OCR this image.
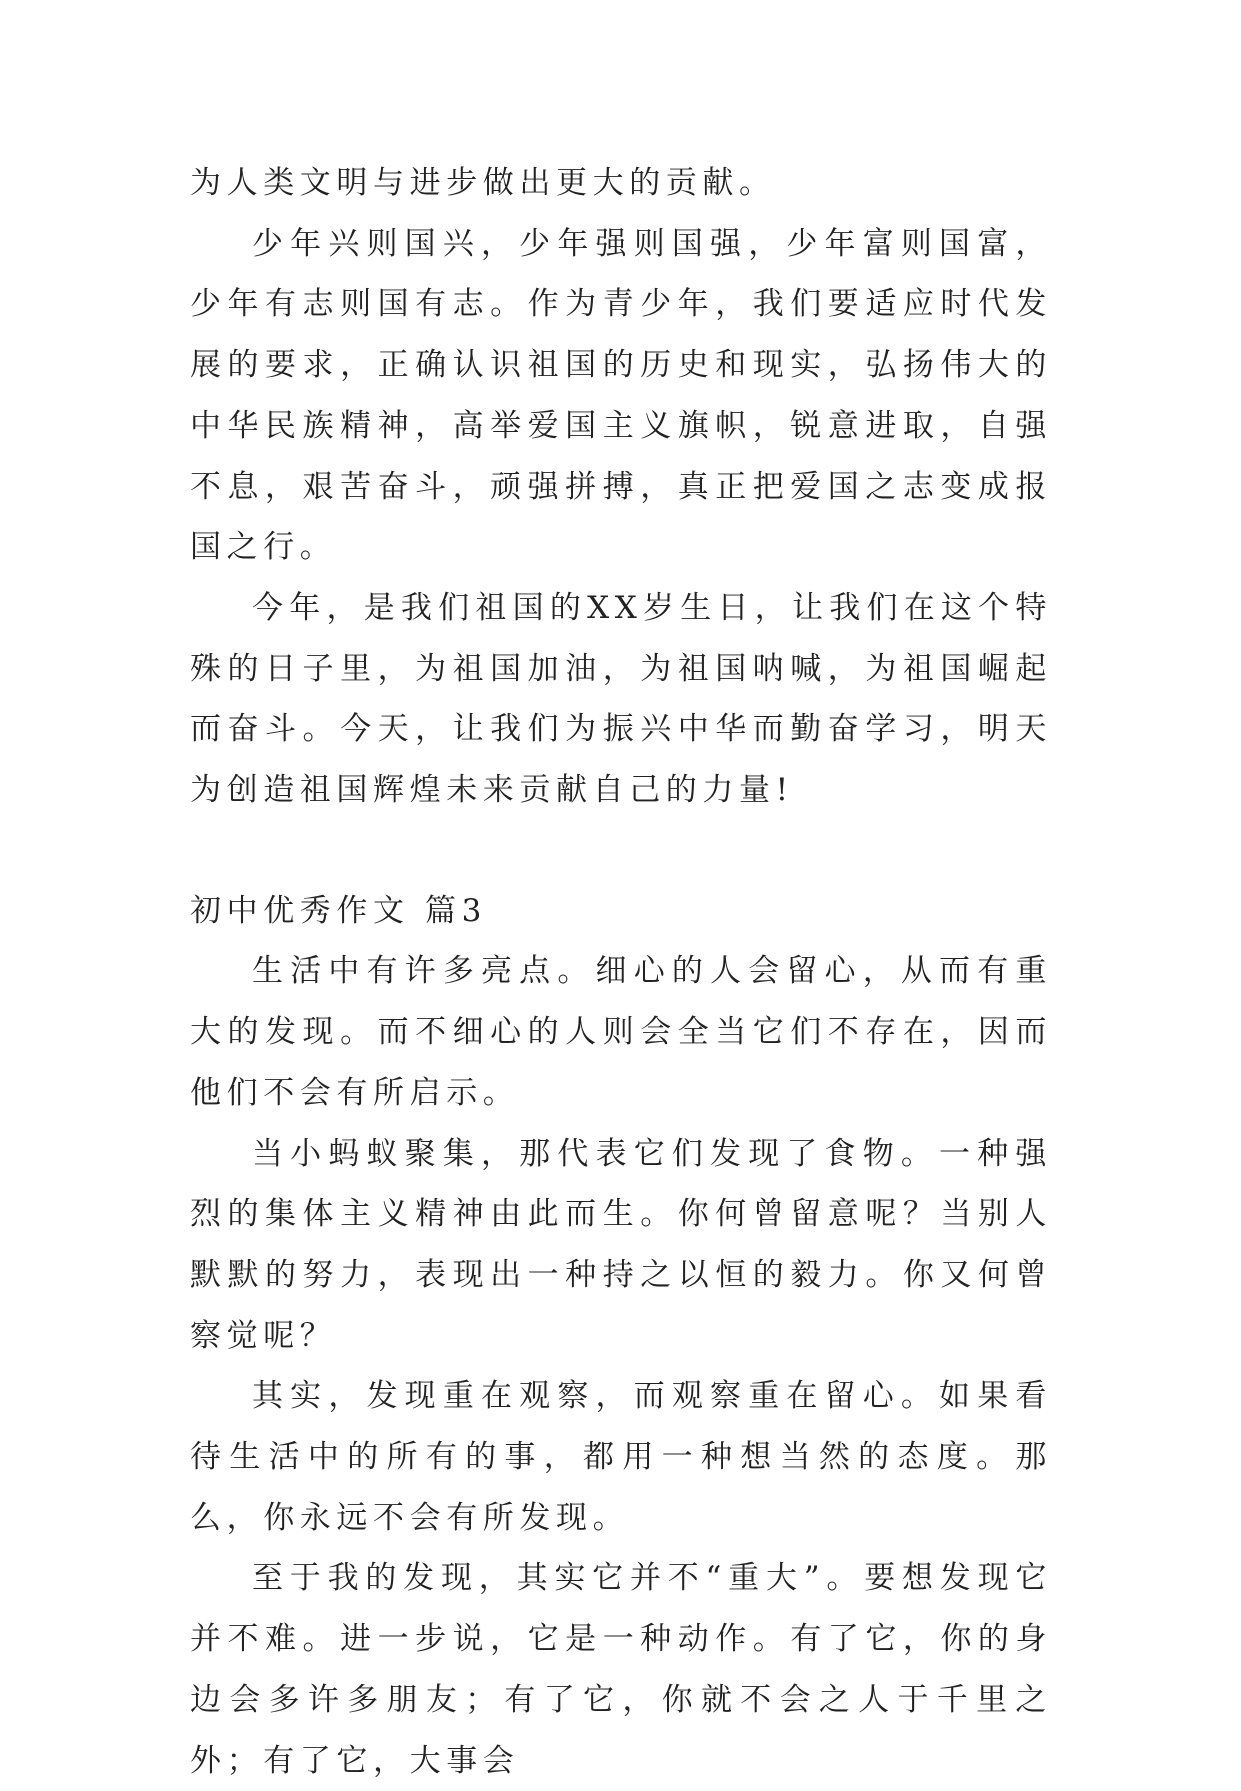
为人类文明与进步做出更大的贡献。

少年兴则国兴，少年强则国强，少年富则国富，少年有志则国有志。作为青少年，我们要适应时代发展的要求，正确认识祖国的历史和现实，弘扬伟大的中华民族精神，高举爱国主义旗帜，锐意进取，自强不息，艰苦奋斗，顽强拼搏，真正把爱国之志变成报国之行。

今年，是我们祖国的XX岁生日，让我们在这个特殊的日子里，为祖国加油，为祖国呐喊，为祖国崛起而奋斗。今天，让我们为振兴中华而勤奋学习，明天为创造祖国辉煌未来贡献自己的力量!

初中优秀作文 篇3

生活中有许多亮点。细心的人会留心，从而有重大的发现。而不细心的人则会全当它们不存在，因而他们不会有所启示。

当小蚂蚁聚集，那代表它们发现了食物。一种强烈的集体主义精神由此而生。你何曾留意呢？当别人默默的努力，表现出一种持之以恒的毅力。你又何曾察觉呢？

其实，发现重在观察，而观察重在留心。如果看待生活中的所有的事，都用一种想当然的态度。那么，你永远不会有所发现。

至于我的发现，其实它并不“重大”。要想发现它并不难。进一步说，它是一种动作。有了它，你的身边会多许多朋友；有了它，你就不会之人于千里之外；有了它，大事会
